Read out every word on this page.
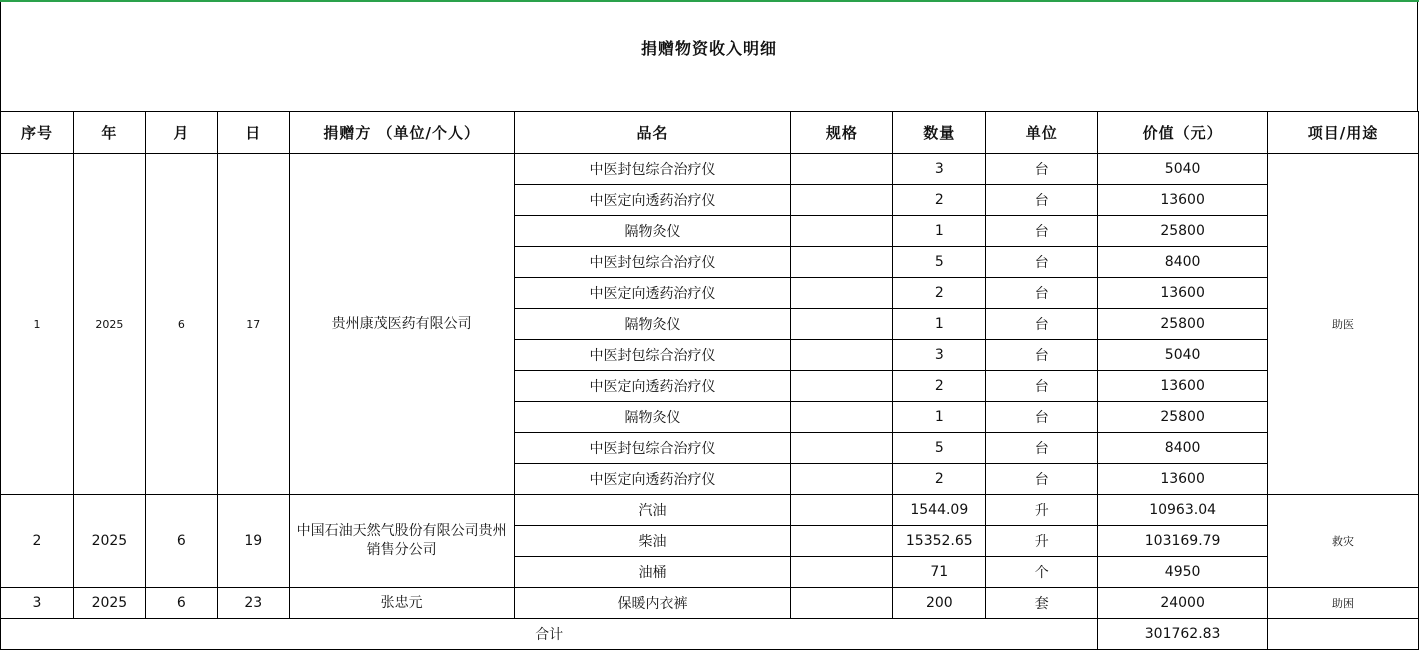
捐赠物资收入明细
序号	年	月	日	捐赠方 （单位/个人）	品名	规格	数量	单位	价值（元）	项目/用途
1	2025	6	17	贵州康茂医药有限公司	中医封包综合治疗仪		3	台	5040	助医
					中医定向透药治疗仪		2	台	13600	
					隔物灸仪		1	台	25800	
					中医封包综合治疗仪		5	台	8400	
					中医定向透药治疗仪		2	台	13600	
					隔物灸仪		1	台	25800	
					中医封包综合治疗仪		3	台	5040	
					中医定向透药治疗仪		2	台	13600	
					隔物灸仪		1	台	25800	
					中医封包综合治疗仪		5	台	8400	
					中医定向透药治疗仪		2	台	13600	
2	2025	6	19	中国石油天然气股份有限公司贵州销售分公司	汽油		1544.09	升	10963.04	救灾
					柴油		15352.65	升	103169.79	
					油桶		71	个	4950	
3	2025	6	23	张忠元	保暖内衣裤		200	套	24000	助困
合计									301762.83	
